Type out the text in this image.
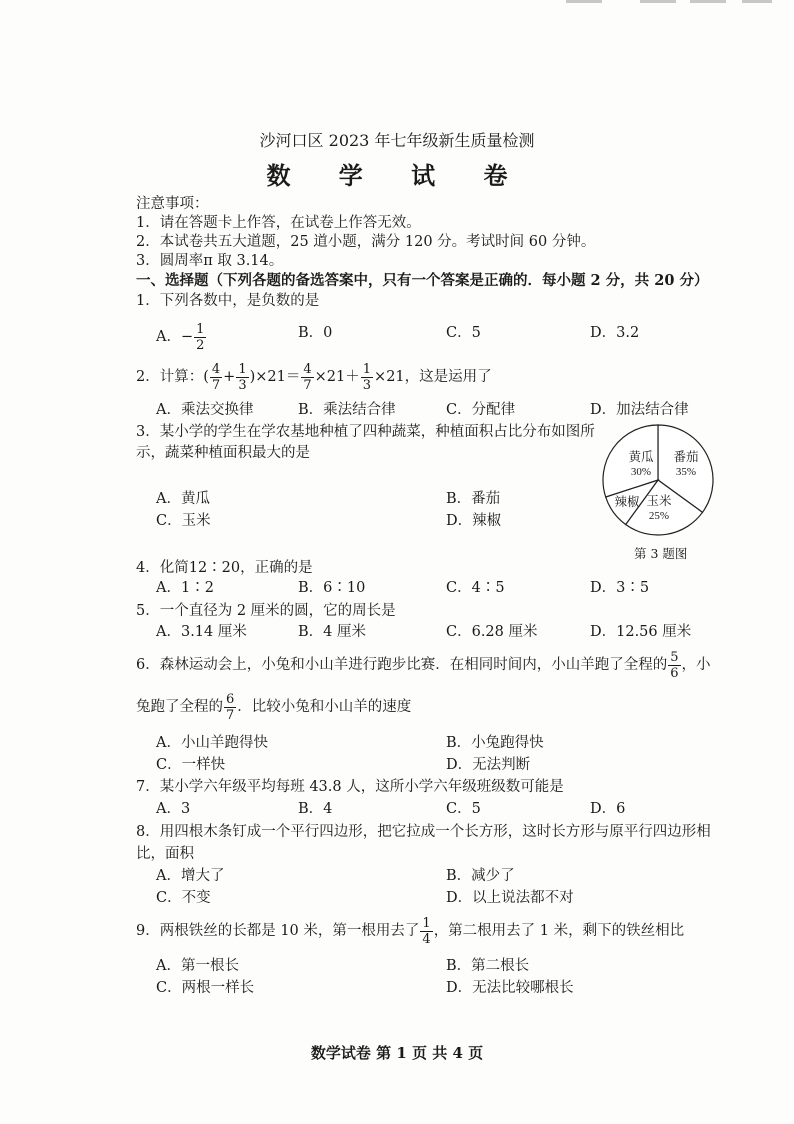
沙河口区 2023 年七年级新生质量检测
数 学 试 卷
注意事项：
1．请在答题卡上作答，在试卷上作答无效。
2．本试卷共五大道题，25 道小题，满分 120 分。考试时间 60 分钟。
3．圆周率π 取 3.14。
一、选择题（下列各题的备选答案中，只有一个答案是正确的．每小题 2 分，共 20 分）
1．下列各数中，是负数的是
A．− $\frac{1}{2}$	B．0	C．5	D．3.2
2．计算：( $\frac{4}{7} + \frac{1}{3} )\times 21= \frac{4}{7} \times 21+ \frac{1}{3} \times 21$，这是运用了
A．乘法交换律	B．乘法结合律	C．分配律	D．加法结合律
3．某小学的学生在学农基地种植了四种蔬菜，种植面积占比分布如图所
示，蔬菜种植面积最大的是
A．黄瓜	B．番茄
C．玉米	D．辣椒
黄瓜
30%
番茄
35%
玉米
25%
辣椒
第 3 题图
4．化简12∶20，正确的是
A．1∶2	B．6∶10	C．4∶5	D．3∶5
5．一个直径为 2 厘米的圆，它的周长是
A．3.14 厘米	B．4 厘米	C．6.28 厘米	D．12.56 厘米
6．森林运动会上，小兔和小山羊进行跑步比赛．在相同时间内，小山羊跑了全程的 $\frac{5}{6}$ ，小
兔跑了全程的 $\frac{6}{7}$ ．比较小兔和小山羊的速度
A．小山羊跑得快	B．小兔跑得快
C．一样快	D．无法判断
7．某小学六年级平均每班 43.8 人，这所小学六年级班级数可能是
A．3	B．4	C．5	D．6
8．用四根木条钉成一个平行四边形，把它拉成一个长方形，这时长方形与原平行四边形相
比，面积
A．增大了	B．减少了
C．不变	D．以上说法都不对
9．两根铁丝的长都是 10 米，第一根用去了 $\frac{1}{4}$ ，第二根用去了 1 米，剩下的铁丝相比
A．第一根长	B．第二根长
C．两根一样长	D．无法比较哪根长
数学试卷 第 1 页 共 4 页
